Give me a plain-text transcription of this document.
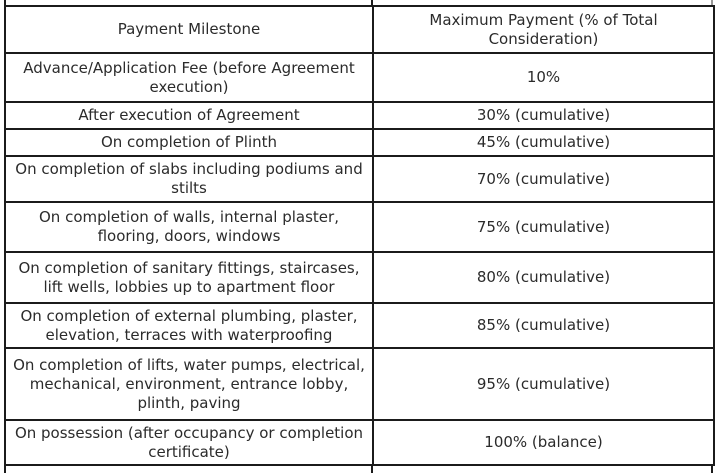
Payment Milestone	Maximum Payment (% of Total Consideration)
Advance/Application Fee (before Agreement execution)	10%
After execution of Agreement	30% (cumulative)
On completion of Plinth	45% (cumulative)
On completion of slabs including podiums and stilts	70% (cumulative)
On completion of walls, internal plaster, flooring, doors, windows	75% (cumulative)
On completion of sanitary fittings, staircases, lift wells, lobbies up to apartment floor	80% (cumulative)
On completion of external plumbing, plaster, elevation, terraces with waterproofing	85% (cumulative)
On completion of lifts, water pumps, electrical, mechanical, environment, entrance lobby, plinth, paving	95% (cumulative)
On possession (after occupancy or completion certificate)	100% (balance)
